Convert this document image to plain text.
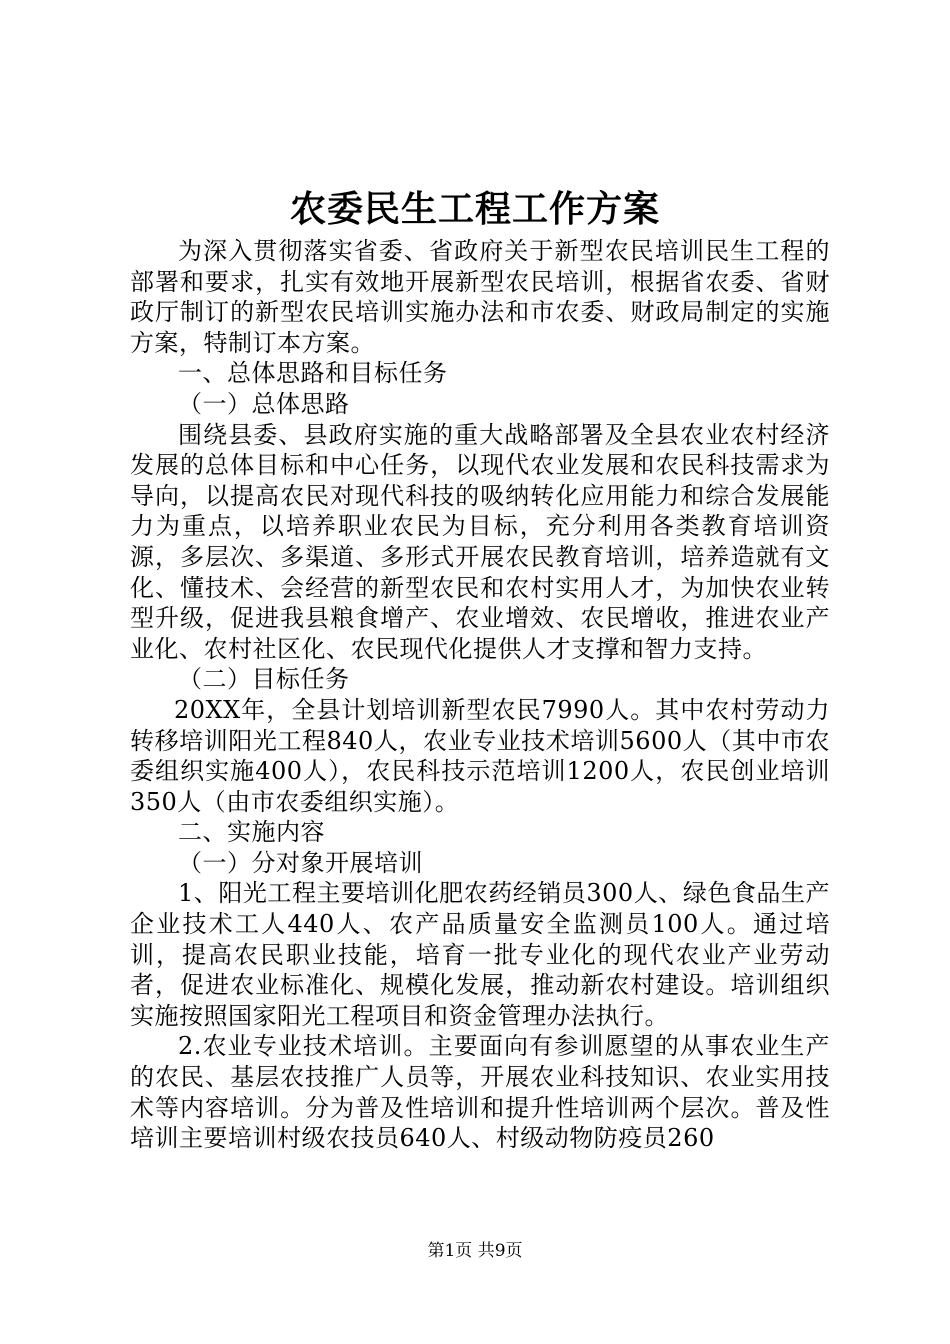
农委民生工程工作方案

为深入贯彻落实省委、省政府关于新型农民培训民生工程的部署和要求，扎实有效地开展新型农民培训，根据省农委、省财政厅制订的新型农民培训实施办法和市农委、财政局制定的实施方案，特制订本方案。

一、总体思路和目标任务

（一）总体思路

围绕县委、县政府实施的重大战略部署及全县农业农村经济发展的总体目标和中心任务，以现代农业发展和农民科技需求为导向，以提高农民对现代科技的吸纳转化应用能力和综合发展能力为重点，以培养职业农民为目标，充分利用各类教育培训资源，多层次、多渠道、多形式开展农民教育培训，培养造就有文化、懂技术、会经营的新型农民和农村实用人才，为加快农业转型升级，促进我县粮食增产、农业增效、农民增收，推进农业产业化、农村社区化、农民现代化提供人才支撑和智力支持。

（二）目标任务

20XX年，全县计划培训新型农民7990人。其中农村劳动力转移培训阳光工程840人，农业专业技术培训5600人（其中市农委组织实施400人），农民科技示范培训1200人，农民创业培训350人（由市农委组织实施）。

二、实施内容

（一）分对象开展培训

1、阳光工程主要培训化肥农药经销员300人、绿色食品生产企业技术工人440人、农产品质量安全监测员100人。通过培训，提高农民职业技能，培育一批专业化的现代农业产业劳动者，促进农业标准化、规模化发展，推动新农村建设。培训组织实施按照国家阳光工程项目和资金管理办法执行。

2.农业专业技术培训。主要面向有参训愿望的从事农业生产的农民、基层农技推广人员等，开展农业科技知识、农业实用技术等内容培训。分为普及性培训和提升性培训两个层次。普及性培训主要培训村级农技员640人、村级动物防疫员260

第1页 共9页
